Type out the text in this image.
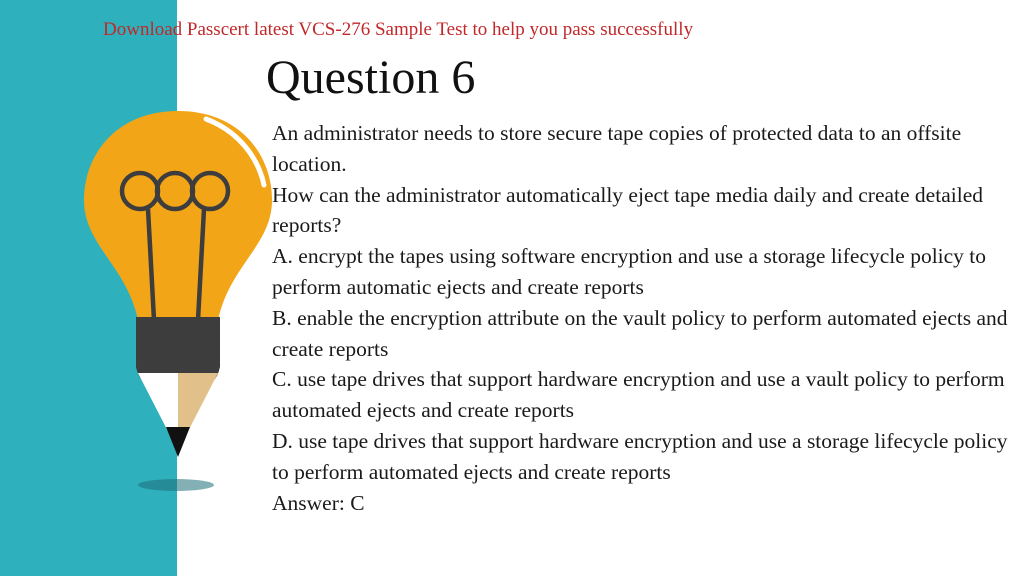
Download Passcert latest VCS-276 Sample Test to help you pass successfully
Question 6

An administrator needs to store secure tape copies of protected data to an offsite location.

How can the administrator automatically eject tape media daily and create detailed reports?

A. encrypt the tapes using software encryption and use a storage lifecycle policy to perform automatic ejects and create reports

B. enable the encryption attribute on the vault policy to perform automated ejects and create reports

C. use tape drives that support hardware encryption and use a vault policy to perform automated ejects and create reports

D. use tape drives that support hardware encryption and use a storage lifecycle policy to perform automated ejects and create reports

Answer: C
